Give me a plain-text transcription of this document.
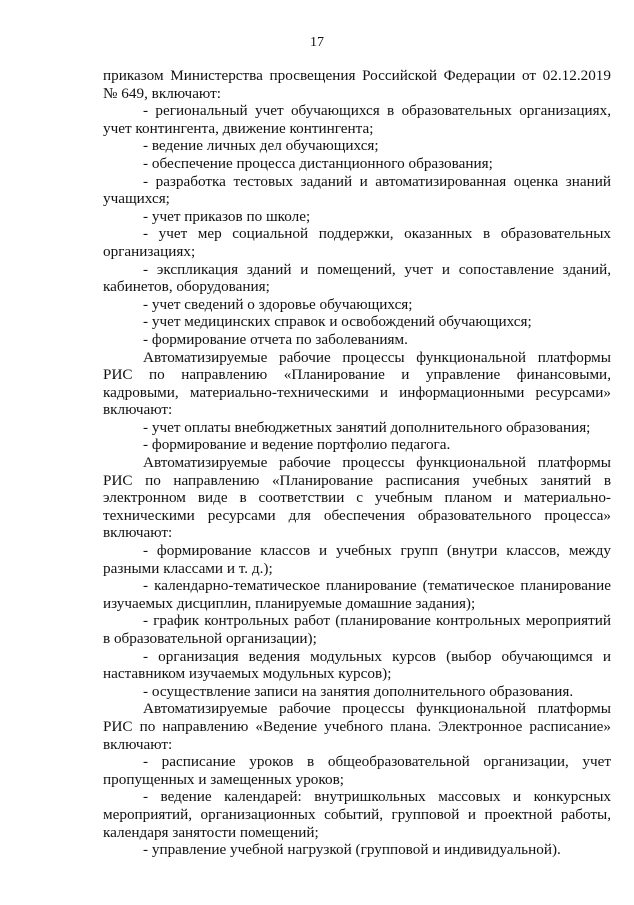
17

приказом Министерства просвещения Российской Федерации от 02.12.2019 № 649, включают:

- региональный учет обучающихся в образовательных организациях, учет контингента, движение контингента;

- ведение личных дел обучающихся;

- обеспечение процесса дистанционного образования;

- разработка тестовых заданий и автоматизированная оценка знаний учащихся;

- учет приказов по школе;

- учет мер социальной поддержки, оказанных в образовательных организациях;

- экспликация зданий и помещений, учет и сопоставление зданий, кабинетов, оборудования;

- учет сведений о здоровье обучающихся;

- учет медицинских справок и освобождений обучающихся;

- формирование отчета по заболеваниям.

Автоматизируемые рабочие процессы функциональной платформы РИС по направлению «Планирование и управление финансовыми, кадровыми, материально-техническими и информационными ресурсами» включают:

- учет оплаты внебюджетных занятий дополнительного образования;

- формирование и ведение портфолио педагога.

Автоматизируемые рабочие процессы функциональной платформы РИС по направлению «Планирование расписания учебных занятий в электронном виде в соответствии с учебным планом и материально-техническими ресурсами для обеспечения образовательного процесса» включают:

- формирование классов и учебных групп (внутри классов, между разными классами и т. д.);

- календарно-тематическое планирование (тематическое планирование изучаемых дисциплин, планируемые домашние задания);

- график контрольных работ (планирование контрольных мероприятий в образовательной организации);

- организация ведения модульных курсов (выбор обучающимся и наставником изучаемых модульных курсов);

- осуществление записи на занятия дополнительного образования.

Автоматизируемые рабочие процессы функциональной платформы РИС по направлению «Ведение учебного плана. Электронное расписание» включают:

- расписание уроков в общеобразовательной организации, учет пропущенных и замещенных уроков;

- ведение календарей: внутришкольных массовых и конкурсных мероприятий, организационных событий, групповой и проектной работы, календаря занятости помещений;

- управление учебной нагрузкой (групповой и индивидуальной).
